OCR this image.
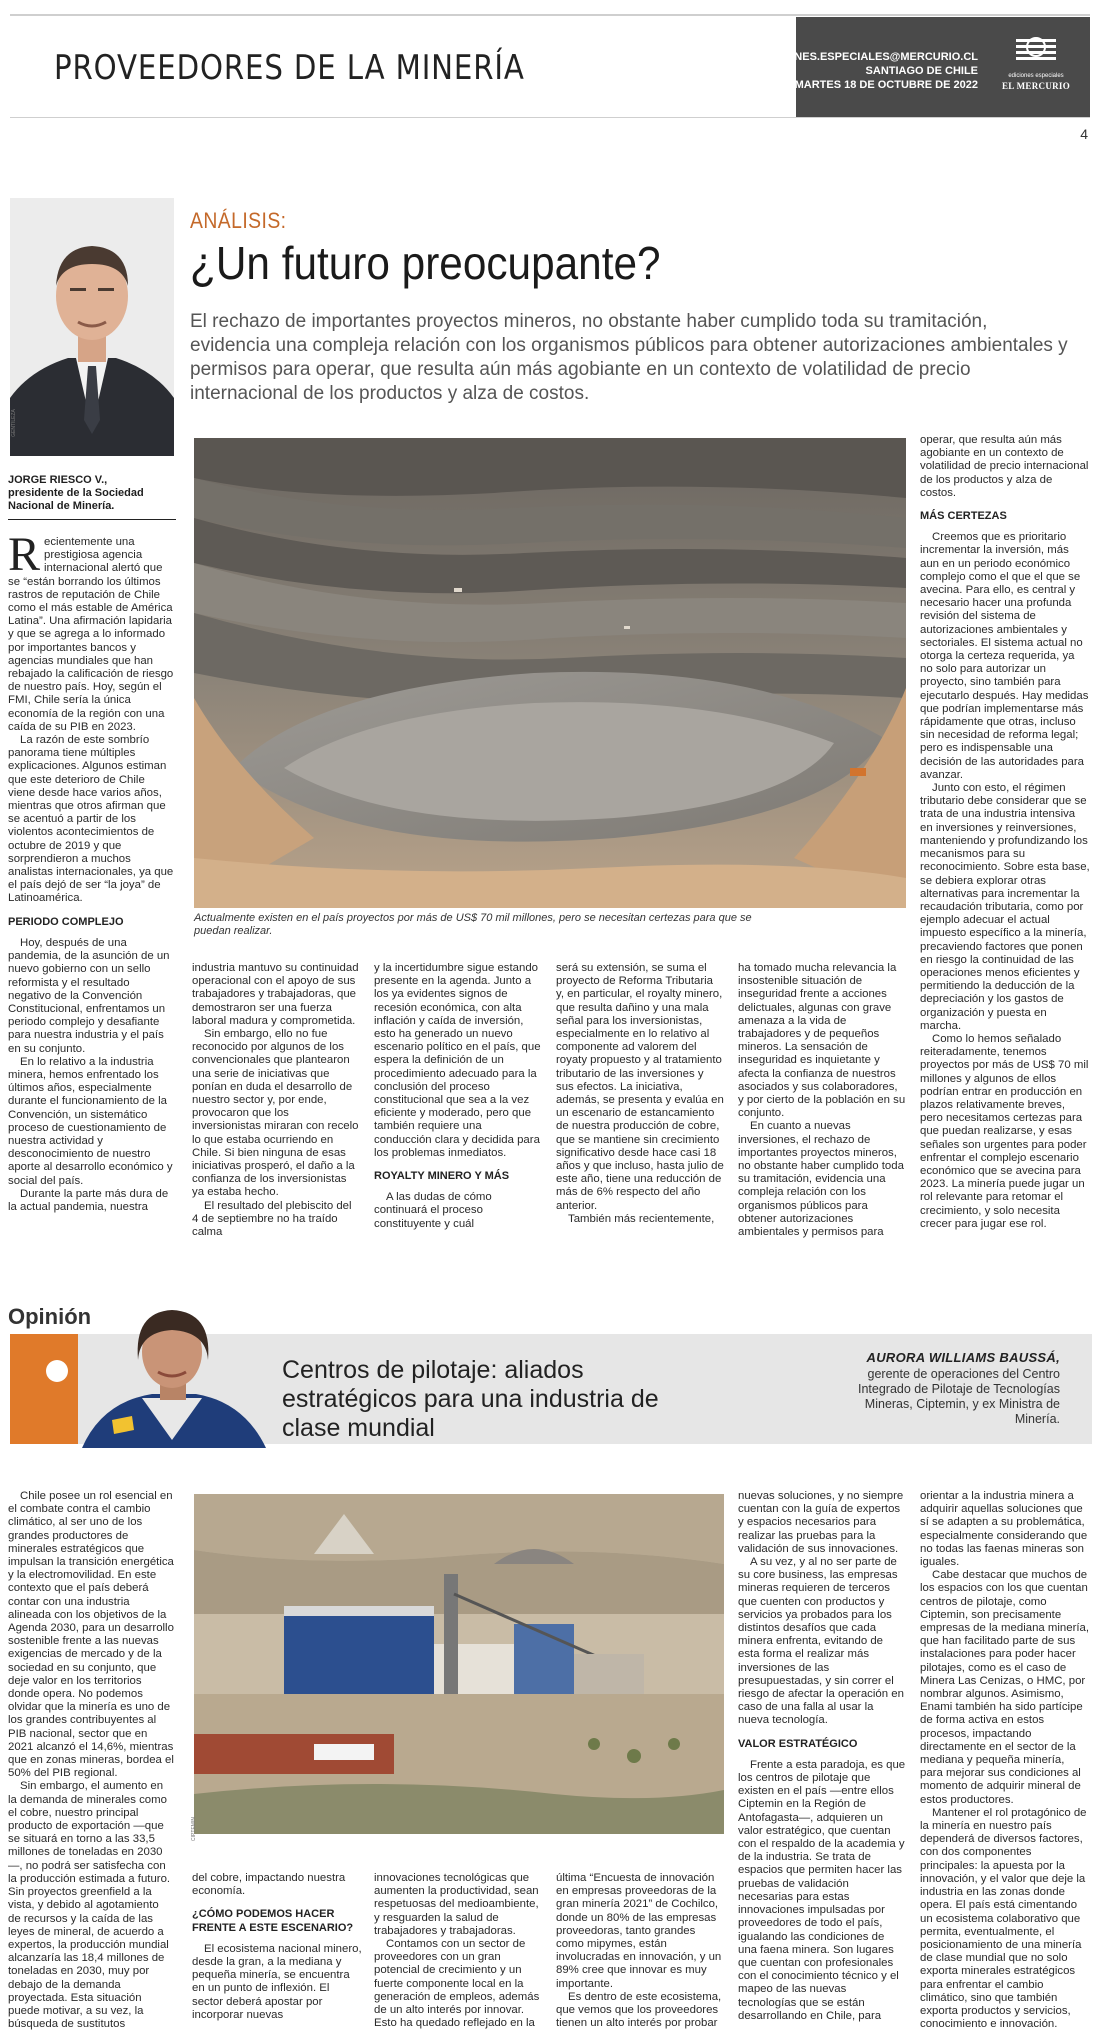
PROVEEDORES DE LA MINERÍA	EDICIONES.ESPECIALES@MERCURIO.CL
SANTIAGO DE CHILE
MARTES 18 DE OCTUBRE DE 2022
ediciones especiales
EL MERCURIO
4
GENTILEZA
JORGE RIESCO V.,
presidente de la Sociedad Nacional de Minería.
ANÁLISIS:
¿Un futuro preocupante?
El rechazo de importantes proyectos mineros, no obstante haber cumplido toda su tramitación, evidencia una compleja relación con los organismos públicos para obtener autorizaciones ambientales y permisos para operar, que resulta aún más agobiante en un contexto de volatilidad de precio internacional de los productos y alza de costos.
Actualmente existen en el país proyectos por más de US$ 70 mil millones, pero se necesitan certezas para que se puedan realizar.

Recientemente una prestigiosa agencia internacional alertó que se “están borrando los últimos rastros de reputación de Chile como el más estable de América Latina”. Una afirmación lapidaria y que se agrega a lo informado por importantes bancos y agencias mundiales que han rebajado la calificación de riesgo de nuestro país. Hoy, según el FMI, Chile sería la única economía de la región con una caída de su PIB en 2023.

La razón de este sombrío panorama tiene múltiples explicaciones. Algunos estiman que este deterioro de Chile viene desde hace varios años, mientras que otros afirman que se acentuó a partir de los violentos acontecimientos de octubre de 2019 y que sorprendieron a muchos analistas internacionales, ya que el país dejó de ser “la joya” de Latinoamérica.

PERIODO COMPLEJO

Hoy, después de una pandemia, de la asunción de un nuevo gobierno con un sello reformista y el resultado negativo de la Convención Constitucional, enfrentamos un periodo complejo y desafiante para nuestra industria y el país en su conjunto.

En lo relativo a la industria minera, hemos enfrentado los últimos años, especialmente durante el funcionamiento de la Convención, un sistemático proceso de cuestionamiento de nuestra actividad y desconocimiento de nuestro aporte al desarrollo económico y social del país.

Durante la parte más dura de la actual pandemia, nuestra

industria mantuvo su continuidad operacional con el apoyo de sus trabajadores y trabajadoras, que demostraron ser una fuerza laboral madura y comprometida.

Sin embargo, ello no fue reconocido por algunos de los convencionales que plantearon una serie de iniciativas que ponían en duda el desarrollo de nuestro sector y, por ende, provocaron que los inversionistas miraran con recelo lo que estaba ocurriendo en Chile. Si bien ninguna de esas iniciativas prosperó, el daño a la confianza de los inversionistas ya estaba hecho.

El resultado del plebiscito del 4 de septiembre no ha traído calma

y la incertidumbre sigue estando presente en la agenda. Junto a los ya evidentes signos de recesión económica, con alta inflación y caída de inversión, esto ha generado un nuevo escenario político en el país, que espera la definición de un procedimiento adecuado para la conclusión del proceso constitucional que sea a la vez eficiente y moderado, pero que también requiere una conducción clara y decidida para los problemas inmediatos.

ROYALTY MINERO Y MÁS

A las dudas de cómo continuará el proceso constituyente y cuál

será su extensión, se suma el proyecto de Reforma Tributaria y, en particular, el royalty minero, que resulta dañino y una mala señal para los inversionistas, especialmente en lo relativo al componente ad valorem del royaty propuesto y al tratamiento tributario de las inversiones y sus efectos. La iniciativa, además, se presenta y evalúa en un escenario de estancamiento de nuestra producción de cobre, que se mantiene sin crecimiento significativo desde hace casi 18 años y que incluso, hasta julio de este año, tiene una reducción de más de 6% respecto del año anterior.

También más recientemente,

ha tomado mucha relevancia la insostenible situación de inseguridad frente a acciones delictuales, algunas con grave amenaza a la vida de trabajadores y de pequeños mineros. La sensación de inseguridad es inquietante y afecta la confianza de nuestros asociados y sus colaboradores, y por cierto de la población en su conjunto.

En cuanto a nuevas inversiones, el rechazo de importantes proyectos mineros, no obstante haber cumplido toda su tramitación, evidencia una compleja relación con los organismos públicos para obtener autorizaciones ambientales y permisos para

operar, que resulta aún más agobiante en un contexto de volatilidad de precio internacional de los productos y alza de costos.

MÁS CERTEZAS

Creemos que es prioritario incrementar la inversión, más aun en un periodo económico complejo como el que el que se avecina. Para ello, es central y necesario hacer una profunda revisión del sistema de autorizaciones ambientales y sectoriales. El sistema actual no otorga la certeza requerida, ya no solo para autorizar un proyecto, sino también para ejecutarlo después. Hay medidas que podrían implementarse más rápidamente que otras, incluso sin necesidad de reforma legal; pero es indispensable una decisión de las autoridades para avanzar.

Junto con esto, el régimen tributario debe considerar que se trata de una industria intensiva en inversiones y reinversiones, manteniendo y profundizando los mecanismos para su reconocimiento. Sobre esta base, se debiera explorar otras alternativas para incrementar la recaudación tributaria, como por ejemplo adecuar el actual impuesto específico a la minería, precaviendo factores que ponen en riesgo la continuidad de las operaciones menos eficientes y permitiendo la deducción de la depreciación y los gastos de organización y puesta en marcha.

Como lo hemos señalado reiteradamente, tenemos proyectos por más de US$ 70 mil millones y algunos de ellos podrían entrar en producción en plazos relativamente breves, pero necesitamos certezas para que puedan realizarse, y esas señales son urgentes para poder enfrentar el complejo escenario económico que se avecina para 2023. La minería puede jugar un rol relevante para retomar el crecimiento, y solo necesita crecer para jugar ese rol.

Opinión
Centros de pilotaje: aliados estratégicos para una industria de clase mundial
AURORA WILLIAMS BAUSSÁ,
gerente de operaciones del Centro Integrado de Pilotaje de Tecnologías Mineras, Ciptemin, y ex Ministra de Minería.
CIPTEMIN

Chile posee un rol esencial en el combate contra el cambio climático, al ser uno de los grandes productores de minerales estratégicos que impulsan la transición energética y la electromovilidad. En este contexto que el país deberá contar con una industria alineada con los objetivos de la Agenda 2030, para un desarrollo sostenible frente a las nuevas exigencias de mercado y de la sociedad en su conjunto, que deje valor en los territorios donde opera. No podemos olvidar que la minería es uno de los grandes contribuyentes al PIB nacional, sector que en 2021 alcanzó el 14,6%, mientras que en zonas mineras, bordea el 50% del PIB regional.

Sin embargo, el aumento en la demanda de minerales como el cobre, nuestro principal producto de exportación —que se situará en torno a las 33,5 millones de toneladas en 2030—, no podrá ser satisfecha con la producción estimada a futuro. Sin proyectos greenfield a la vista, y debido al agotamiento de recursos y la caída de las leyes de mineral, de acuerdo a expertos, la producción mundial alcanzaría las 18,4 millones de toneladas en 2030, muy por debajo de la demanda proyectada. Esta situación puede motivar, a su vez, la búsqueda de sustitutos

del cobre, impactando nuestra economía.

¿CÓMO PODEMOS HACER FRENTE A ESTE ESCENARIO?

El ecosistema nacional minero, desde la gran, a la mediana y pequeña minería, se encuentra en un punto de inflexión. El sector deberá apostar por incorporar nuevas

innovaciones tecnológicas que aumenten la productividad, sean respetuosas del medioambiente, y resguarden la salud de trabajadores y trabajadoras.

Contamos con un sector de proveedores con un gran potencial de crecimiento y un fuerte componente local en la generación de empleos, además de un alto interés por innovar. Esto ha quedado reflejado en la

última “Encuesta de innovación en empresas proveedoras de la gran minería 2021” de Cochilco, donde un 80% de las empresas proveedoras, tanto grandes como mipymes, están involucradas en innovación, y un 89% cree que innovar es muy importante.

Es dentro de este ecosistema, que vemos que los proveedores tienen un alto interés por probar

nuevas soluciones, y no siempre cuentan con la guía de expertos y espacios necesarios para realizar las pruebas para la validación de sus innovaciones.

A su vez, y al no ser parte de su core business, las empresas mineras requieren de terceros que cuenten con productos y servicios ya probados para los distintos desafíos que cada minera enfrenta, evitando de esta forma el realizar más inversiones de las presupuestadas, y sin correr el riesgo de afectar la operación en caso de una falla al usar la nueva tecnología.

VALOR ESTRATÉGICO

Frente a esta paradoja, es que los centros de pilotaje que existen en el país —entre ellos Ciptemin en la Región de Antofagasta—, adquieren un valor estratégico, que cuentan con el respaldo de la academia y de la industria. Se trata de espacios que permiten hacer las pruebas de validación necesarias para estas innovaciones impulsadas por proveedores de todo el país, igualando las condiciones de una faena minera. Son lugares que cuentan con profesionales con el conocimiento técnico y el mapeo de las nuevas tecnologías que se están desarrollando en Chile, para

orientar a la industria minera a adquirir aquellas soluciones que sí se adapten a su problemática, especialmente considerando que no todas las faenas mineras son iguales.

Cabe destacar que muchos de los espacios con los que cuentan centros de pilotaje, como Ciptemin, son precisamente empresas de la mediana minería, que han facilitado parte de sus instalaciones para poder hacer pilotajes, como es el caso de Minera Las Cenizas, o HMC, por nombrar algunos. Asimismo, Enami también ha sido partícipe de forma activa en estos procesos, impactando directamente en el sector de la mediana y pequeña minería, para mejorar sus condiciones al momento de adquirir mineral de estos productores.

Mantener el rol protagónico de la minería en nuestro país dependerá de diversos factores, con dos componentes principales: la apuesta por la innovación, y el valor que deje la industria en las zonas donde opera. El país está cimentando un ecosistema colaborativo que permita, eventualmente, el posicionamiento de una minería de clase mundial que no solo exporta minerales estratégicos para enfrentar el cambio climático, sino que también exporta productos y servicios, conocimiento e innovación.
